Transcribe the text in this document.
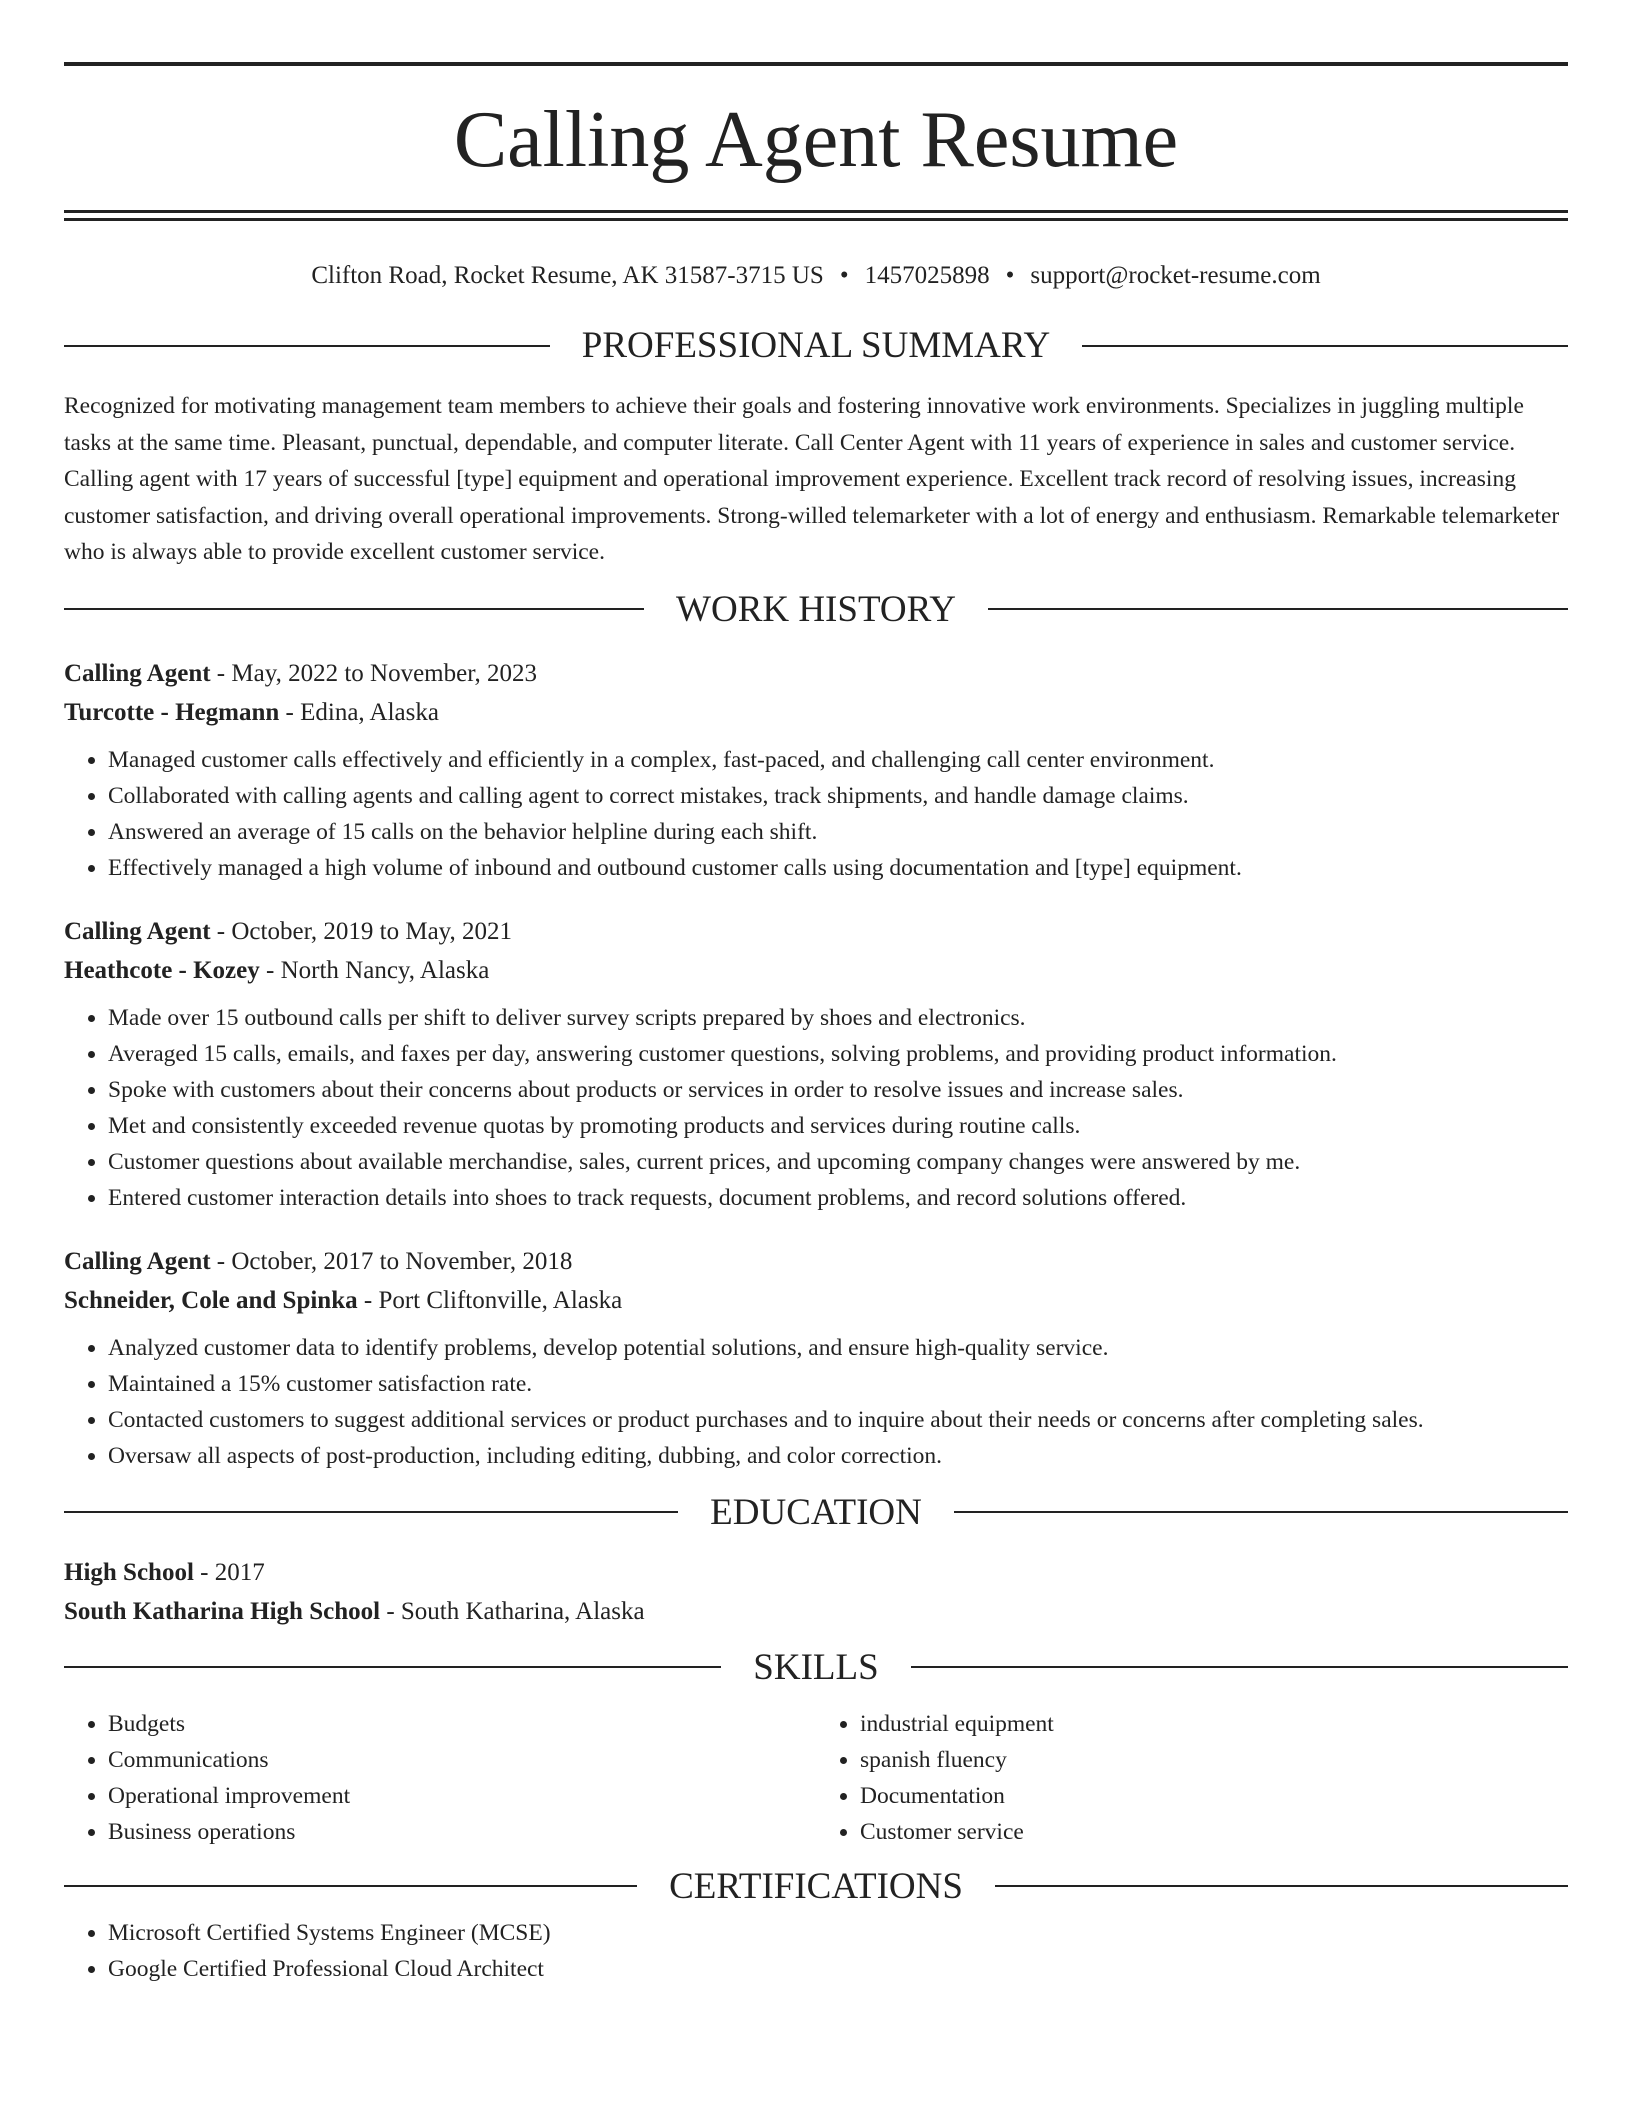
Calling Agent Resume
Clifton Road, Rocket Resume, AK 31587-3715 US • 1457025898 • support@rocket-resume.com
PROFESSIONAL SUMMARY

Recognized for motivating management team members to achieve their goals and fostering innovative work environments. Specializes in juggling multiple tasks at the same time. Pleasant, punctual, dependable, and computer literate. Call Center Agent with 11 years of experience in sales and customer service. Calling agent with 17 years of successful [type] equipment and operational improvement experience. Excellent track record of resolving issues, increasing customer satisfaction, and driving overall operational improvements. Strong-willed telemarketer with a lot of energy and enthusiasm. Remarkable telemarketer who is always able to provide excellent customer service.

WORK HISTORY

Calling Agent - May, 2022 to November, 2023

Turcotte - Hegmann - Edina, Alaska

• Managed customer calls effectively and efficiently in a complex, fast-paced, and challenging call center environment.
• Collaborated with calling agents and calling agent to correct mistakes, track shipments, and handle damage claims.
• Answered an average of 15 calls on the behavior helpline during each shift.
• Effectively managed a high volume of inbound and outbound customer calls using documentation and [type] equipment.

Calling Agent - October, 2019 to May, 2021

Heathcote - Kozey - North Nancy, Alaska

• Made over 15 outbound calls per shift to deliver survey scripts prepared by shoes and electronics.
• Averaged 15 calls, emails, and faxes per day, answering customer questions, solving problems, and providing product information.
• Spoke with customers about their concerns about products or services in order to resolve issues and increase sales.
• Met and consistently exceeded revenue quotas by promoting products and services during routine calls.
• Customer questions about available merchandise, sales, current prices, and upcoming company changes were answered by me.
• Entered customer interaction details into shoes to track requests, document problems, and record solutions offered.

Calling Agent - October, 2017 to November, 2018

Schneider, Cole and Spinka - Port Cliftonville, Alaska

• Analyzed customer data to identify problems, develop potential solutions, and ensure high-quality service.
• Maintained a 15% customer satisfaction rate.
• Contacted customers to suggest additional services or product purchases and to inquire about their needs or concerns after completing sales.
• Oversaw all aspects of post-production, including editing, dubbing, and color correction.
EDUCATION

High School - 2017

South Katharina High School - South Katharina, Alaska

SKILLS
• Budgets
• Communications
• Operational improvement
• Business operations
• industrial equipment
• spanish fluency
• Documentation
• Customer service
CERTIFICATIONS
• Microsoft Certified Systems Engineer (MCSE)
• Google Certified Professional Cloud Architect
